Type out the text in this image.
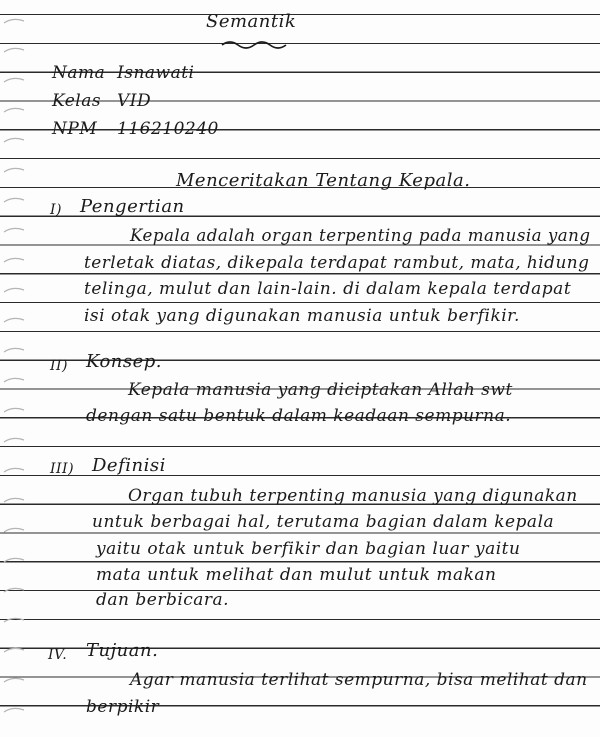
Semantik
Nama Isnawati
Kelas VID
NPM 116210240
Menceritakan Tentang Kepala.
I) Pengertian
Kepala adalah organ terpenting pada manusia yang
terletak diatas, dikepala terdapat rambut, mata, hidung
telinga, mulut dan lain-lain. di dalam kepala terdapat
isi otak yang digunakan manusia untuk berfikir.
II) Konsep.
Kepala manusia yang diciptakan Allah swt
dengan satu bentuk dalam keadaan sempurna.
III) Definisi
Organ tubuh terpenting manusia yang digunakan
untuk berbagai hal, terutama bagian dalam kepala
yaitu otak untuk berfikir dan bagian luar yaitu
mata untuk melihat dan mulut untuk makan
dan berbicara.
IV. Tujuan.
Agar manusia terlihat sempurna, bisa melihat dan
berpikir
